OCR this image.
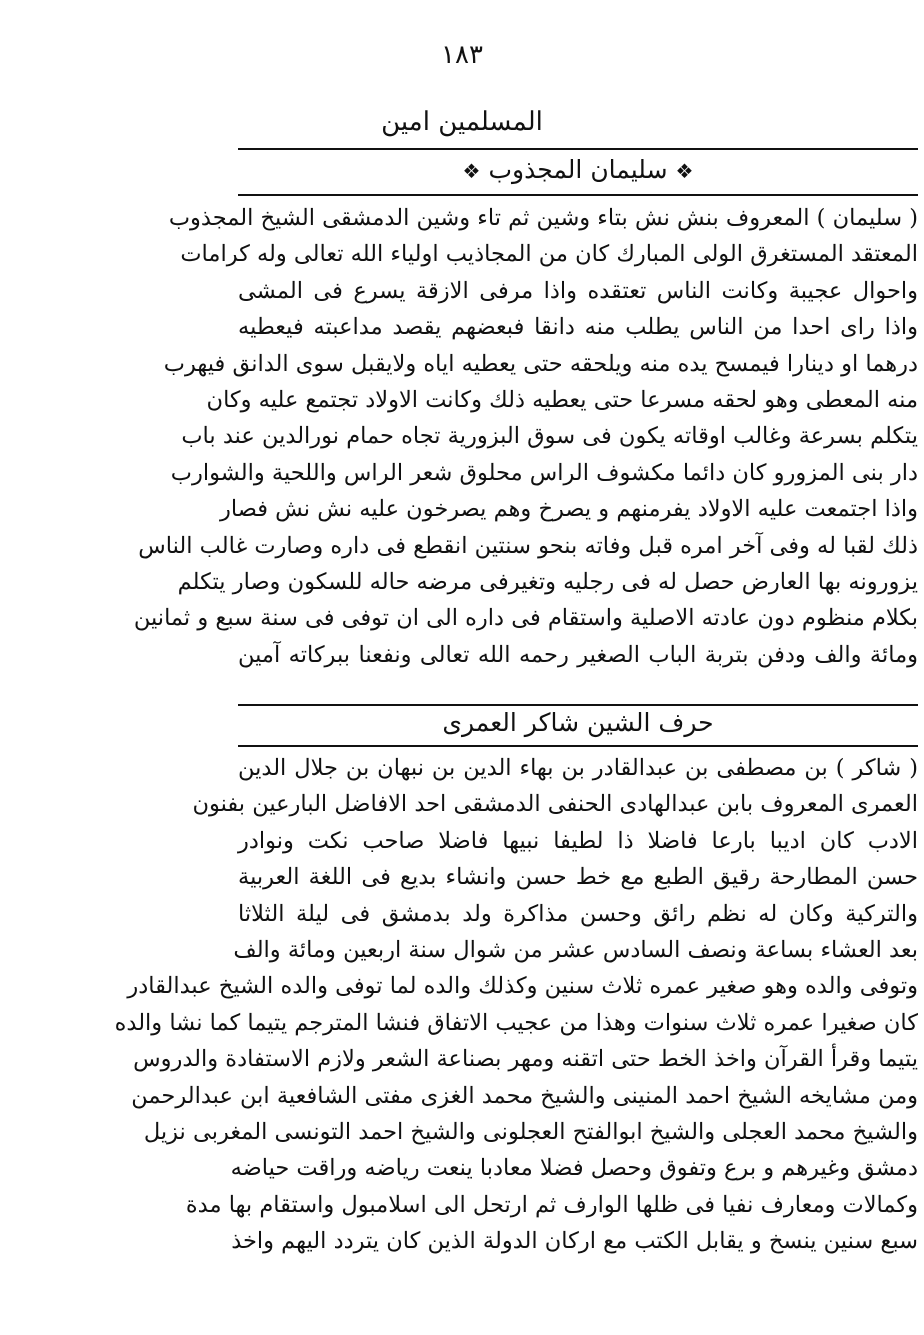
١٨٣
المسلمين امين
❖سليمان المجذوب❖
( سليمان ) المعروف بنش نش بتاء وشين ثم تاء وشين الدمشقى الشيخ المجذوب
المعتقد المستغرق الولى المبارك كان من المجاذيب اولياء الله تعالى وله كرامات
واحوال عجيبة وكانت الناس تعتقده واذا مرفى الازقة يسرع فى المشى
واذا راى احدا من الناس يطلب منه دانقا فبعضهم يقصد مداعبته فيعطيه
درهما او دينارا فيمسح يده منه ويلحقه حتى يعطيه اياه ولايقبل سوى الدانق فيهرب
منه المعطى وهو لحقه مسرعا حتى يعطيه ذلك وكانت الاولاد تجتمع عليه وكان
يتكلم بسرعة وغالب اوقاته يكون فى سوق البزورية تجاه حمام نورالدين عند باب
دار بنى المزورو كان دائما مكشوف الراس محلوق شعر الراس واللحية والشوارب
واذا اجتمعت عليه الاولاد يفرمنهم و يصرخ وهم يصرخون عليه نش نش فصار
ذلك لقبا له وفى آخر امره قبل وفاته بنحو سنتين انقطع فى داره وصارت غالب الناس
يزورونه بها العارض حصل له فى رجليه وتغيرفى مرضه حاله للسكون وصار يتكلم
بكلام منظوم دون عادته الاصلية واستقام فى داره الى ان توفى فى سنة سبع و ثمانين
ومائة والف ودفن بتربة الباب الصغير رحمه الله تعالى ونفعنا ببركاته آمين
حرف الشين شاكر العمرى
( شاكر ) بن مصطفى بن عبدالقادر بن بهاء الدين بن نبهان بن جلال الدين
العمرى المعروف بابن عبدالهادى الحنفى الدمشقى احد الافاضل البارعين بفنون
الادب كان اديبا بارعا فاضلا ذا لطيفا نبيها فاضلا صاحب نكت ونوادر
حسن المطارحة رقيق الطبع مع خط حسن وانشاء بديع فى اللغة العربية
والتركية وكان له نظم رائق وحسن مذاكرة ولد بدمشق فى ليلة الثلاثا
بعد العشاء بساعة ونصف السادس عشر من شوال سنة اربعين ومائة والف
وتوفى والده وهو صغير عمره ثلاث سنين وكذلك والده لما توفى والده الشيخ عبدالقادر
كان صغيرا عمره ثلاث سنوات وهذا من عجيب الاتفاق فنشا المترجم يتيما كما نشا والده
يتيما وقرأ القرآن واخذ الخط حتى اتقنه ومهر بصناعة الشعر ولازم الاستفادة والدروس
ومن مشايخه الشيخ احمد المنينى والشيخ محمد الغزى مفتى الشافعية ابن عبدالرحمن
والشيخ محمد العجلى والشيخ ابوالفتح العجلونى والشيخ احمد التونسى المغربى نزيل
دمشق وغيرهم و برع وتفوق وحصل فضلا معادبا ينعت رياضه وراقت حياضه
وكمالات ومعارف نفيا فى ظلها الوارف ثم ارتحل الى اسلامبول واستقام بها مدة
سبع سنين ينسخ و يقابل الكتب مع اركان الدولة الذين كان يتردد اليهم واخذ
